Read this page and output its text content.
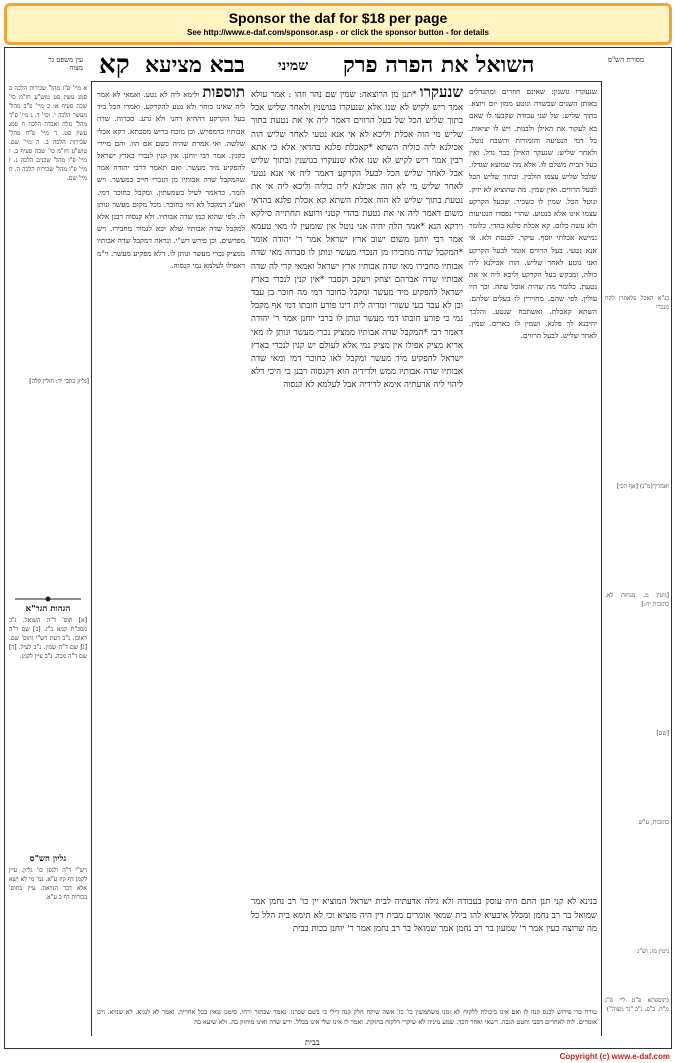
Sponsor the daf for $18 per page
See http://www.e-daf.com/sponsor.asp - or click the sponsor button - for details
קא בבא מציעא שמיני השואל את הפרה פרק
עין משפט נר מצוה
מסורת הש"ס
א מיי' פ"ז מהל' שכירות הלכה ב סמג עשין פט טוש"ע חו"מ סי' שכה סעיף א: ב מיי' פ"ב מהל' מעשר הלכה י. וסי' ד. ג מיי' פ"ד מהל' גזלה ואבדה הלכה ח סמג עשין פט. ד מיי' פ"ח מהל' שכירות הלכה ב. ה מיי' שם. טוש"ע חו"מ סי' שכה סעיף ב. ו מיי' פ"ו מהל' שכנים הלכה ג. ז מיי' פ"ו מהל' שכירות הלכה ה. ח מיי' שם.
[גליון כתבי יד: חולין קלה]
הגהות הגר"א
[א] תוס' ד"ה השואל. נ"ב מסכ"ת קמא כ"ז. [ב] שם ד"ה ראובן. נ"ב דעת רש"י ותוס' שם. [ג] שם ד"ה שמין. נ"ב לעיל. [ד] שם ד"ה מכה. נ"ב עיין לקמן.
גליון הש"ס
רש"י ד"ה ולגפן כו' גליון. עיין לקמן דף קיז ע"א. גמ' מי לא ישא אלא דבר הנראה. עיין בתוס' בכורות דף כ ע"א.
בנ"א האכל פלאחרן לקח מנכרי
ואמריך(מ"ג) [אף הכי]
[גיטין מ. מנחות לא. כתובות יח:]
[שם]
כתובות, ע"ש
גיטין מז. וש"נ
(תוספתא פ"ט ליי פ"ג מ"ח. כ"פ. נ"ב "נר מצוה")
תוספות ולימא ליה לא נטע. ואמאי לא אמר ליה שאינו בוחר ולא נטע להקרקע. ואמרו הכל ביד בעל הקרקע דההיא דהני ולא גרע. סברוה. שדה אבותיו כדמפרש. וכן מוכח בריש מסכתא. דקא אכלי שלשה. ואי אמרת שהיה כשם אם הוו. והם מיירי בקנין. אמר רבי יוחנן. אין קנין לנכרי בארץ ישראל להפקיע מיד מעשר. ואם תאמר דרבי יהודה אמר שהמקבל שדה אבותיו מן הנכרי חייב במעשר. ויש לומר. כדאמר לעיל בשמעתין. ומקבל כחוכר דמי. ואע"ג דמקבל לא הוי כחוכר. מכל מקום מעשר ונותן לו. לפי שהוא כמו שדה אבותיו. ולא קנסוה רבנן אלא למקבל שדה אבותיו שלא יבא לגמור מחבירו. ויש מפרשים. וכן פירש רש"י. ונראה דמקבל שדה אבותיו ממציק נכרי מעשר ונותן לו. דלא מפקיע מעשר. וי"מ דאפילו לעלמא נמי קנסוה.
שנעקרו *תנן מן הרוצאה: שמין שם נהר וזהו : אמר עולא אמר ריש לקיש לא שנו אלא שנעקרו בגושנין ולאחר שליש אבל בתוך שליש הכל של בעל הרווים דאמר ליה אי את נטעת בתוך שליש מי הוה אכלת וליכא לא אי אנא נטעי לאחר שליש הוה אכילנא ליה כוליה השתא *קאכלת פלגא בהדאי אלא כי אתא רבין אמר ריש לקיש לא שנו אלא שנעקרו בגושנין ובתוך שליש אבל לאחר שליש הכל לבעל הקרקע דאמר ליה אי אנא נטעי לאחר שליש מי לא הוה אכילנא ליה כוליה וליכא ליה אי את נטעת בתוך שליש לא הוה אכלת השתא קא אכלת פלגא בהדאי משום דאמר ליה אי את נטעת בהדי קטני ורועא תחתייה סילקא וירקא הנא *אמר הלה יהיה אני נוטל אין שומעין לו מאי טעמא אמר רבי יוחנן משום ישוב ארץ ישראל אמר ר' יהודה אומר *המקבל שדה מחבירו מן הנכרי מעשר ונותן לו סברוה מאי שדה אבותיו מחבירו מאי שדה אבותיו ארץ ישראל ואמאי קרי לה שדה אבותיו שדה אברהם יצחק ויעקב וקסבר *אין קנין לנכרי בארץ ישראל להפקיע מיד מעשר ומקבל כחוכר דמי מה חוכר בן עבד ובן לא עבד בעי עשורי ומדיה לית דינו פורע חובתו דמי אף מקבל נמי כי פורע חובתו דמי מעשר ונותן לו ברבי יוחנן אמר ר' יהודה דאמר רבי *המקבל שדה אבותיו ממציק נכרי מעשר ונותן לו מאי אריא מציק אפילו אין מציק נמי אלא לעולם יש קנין לנכרי בארץ ישראל להפקיע מיד מעשר ומקבל לאו כחוכר דמי ומאי שדה אבותיו שדה אבותיו ממש ולדידיה הוא דקנסוה רבנן כי היכי דלא ליהוי ליה אדעתיה אימא לדידיה אבל לעלמא לא קנסוה
שנעקרו גושנין: שאינם חוזרים ומתגדלים באותן השנים שבשדה ונוטע ממון יום ויוצא. בתוך שליש: של שני עבודה שקבעו לו שאם בא לעקור את האילן ולבנות. ויש לו יציאות. כל דמי הנטיעה והזמורות והשבח נוטל. ולאחר שליש: שנעקר האילן כבר גדל. ואין בעל הבית משלם לו. אלא מה שמוצא שגדלו. שלכל שליש עצמו הולכין. ובתוך שליש הכל לבעל הרווים. ואין שמין. מה שהוציא לא יזיק. ונוטל הכל. שמין לו כשכיר. שבעל הקרקע עצמו אינו אלא בנטוע. שהרי נפסדו הנטיעות ולא עשה כלום. קא אכלת פלגא בהדי. כלומר גמישא אכלתי יוסף. עיקר. לכנסת ולא. אי אנא נטעי. בעל הרווים אומר לבעל הקרקע ואני נוטע לאחר שליש. הוה אכילנא ליה כולה. ומבקש בעל הקרקע וליכא ליה אי את נטעת. כלומר מה שהיה אוכל עתה. וכך היו עולין. לפי שהם. מחזירין לו בעלים שלהם. השתא קאכלת. ואשתכח שנטע. והלכך יהיבנא לך פלגא. ושמין לו כאריס. שמין. לאחר שליש. לבעל הרווים.
בנינא לא קני תנן התם היה עוסק בעבודה ולא גילה אדעתיה לבית ישראל המוציא יין כו' רב נחמן אמר שמואל בר רב נחמן ומכלל איבעיא להו בית שמאי אומרים מבית דין היה מוציא וכי לא תימא בית הלל כל מה שרוצה כעין אמר ר' שמעון בר רב נחמן אמר שמואל בר רב נחמן אמר ר' יוחנן בכות בבית
טורח כדי פירוש לכנס קנה לו ואם אינו ביכולת ללקוח לא ומני משתמשין כו' כו' אשה שיקח חלק קנה דילי כי בשם שכרנו. נאמר שבתוך ירחי. סימנן שאין בכל אחריה. ואמר לא לנגיא. לא שנויא. ויש אומרים. לוה לאחרים דסבי וחטט הגבה. רשאי ואחר הכך. שמע מיניה לא שיקרי דלקוח בחזקת. ואמר לו אינו שלי אינו בכלל. ירש שדה ואינו מוחזק בה. ולא שיעא בה
בבית
Copyright (c) www.e-daf.com
